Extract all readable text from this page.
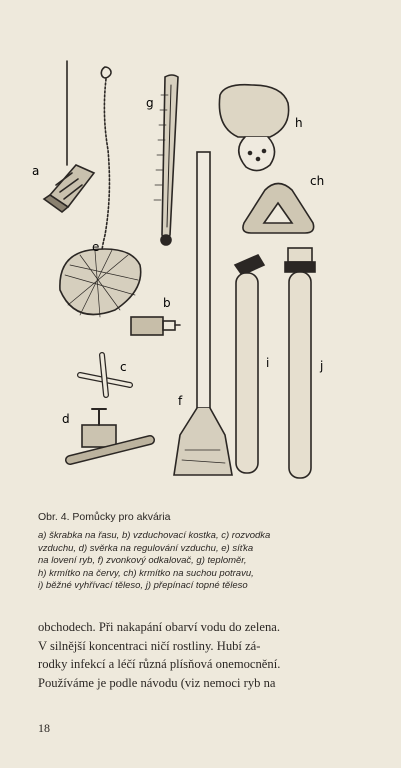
a
e
g
b
c
d
f
h
ch
i	j
Obr. 4. Pomůcky pro akvária
a) škrabka na řasu, b) vzduchovací kostka, c) rozvodka
vzduchu, d) svěrka na regulování vzduchu, e) síťka
na lovení ryb, f) zvonkový odkalovač, g) teploměr,
h) krmítko na červy, ch) krmítko na suchou potravu,
i) běžné vyhřívací těleso, j) přepínací topné těleso
obchodech. Při nakapání obarví vodu do zelena.
V silnější koncentraci ničí rostliny. Hubí zá-
rodky infekcí a léčí různá plísňová onemocnění.
Používáme je podle návodu (viz nemoci ryb na
18
